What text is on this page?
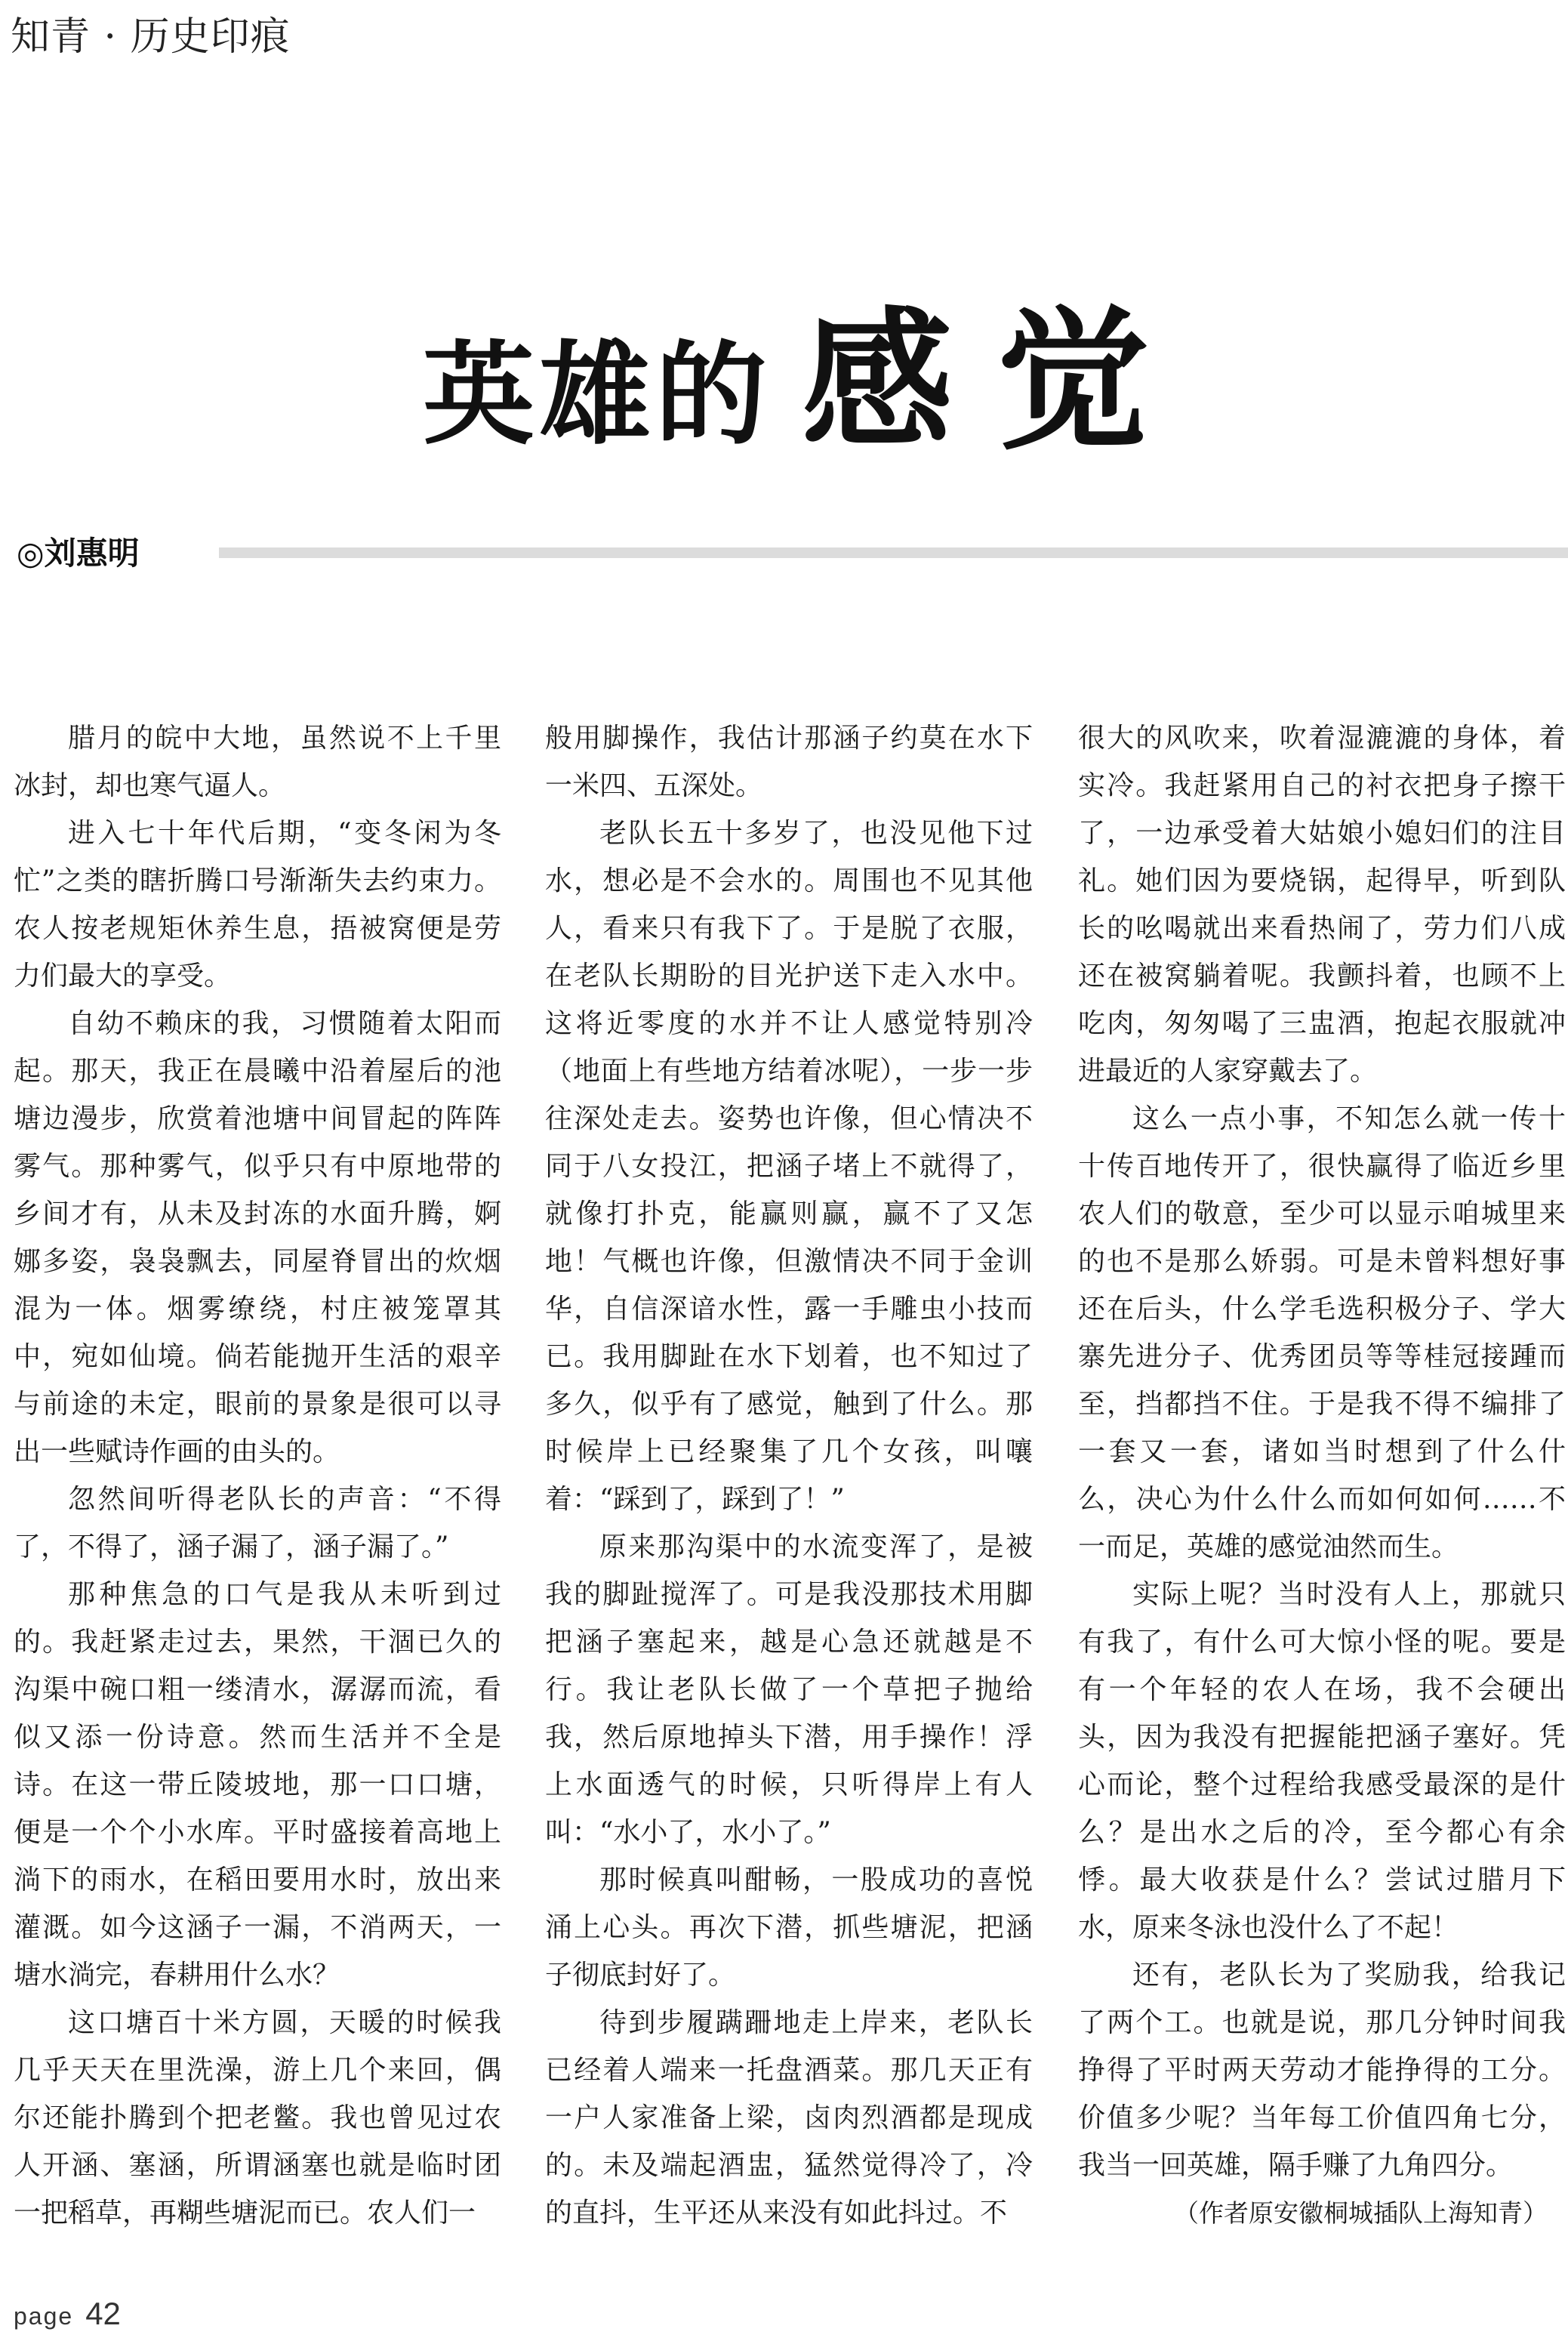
知青 · 历史印痕
英雄的 感觉
◎刘惠明

腊月的皖中大地，虽然说不上千里冰封，却也寒气逼人。

进入七十年代后期，“变冬闲为冬忙”之类的瞎折腾口号渐渐失去约束力。农人按老规矩休养生息，捂被窝便是劳力们最大的享受。

自幼不赖床的我，习惯随着太阳而起。那天，我正在晨曦中沿着屋后的池塘边漫步，欣赏着池塘中间冒起的阵阵雾气。那种雾气，似乎只有中原地带的乡间才有，从未及封冻的水面升腾，婀娜多姿，袅袅飘去，同屋脊冒出的炊烟混为一体。烟雾缭绕，村庄被笼罩其中，宛如仙境。倘若能抛开生活的艰辛与前途的未定，眼前的景象是很可以寻出一些赋诗作画的由头的。

忽然间听得老队长的声音：“不得了，不得了，涵子漏了，涵子漏了。”

那种焦急的口气是我从未听到过的。我赶紧走过去，果然，干涸已久的沟渠中碗口粗一缕清水，潺潺而流，看似又添一份诗意。然而生活并不全是诗。在这一带丘陵坡地，那一口口塘，便是一个个小水库。平时盛接着高地上淌下的雨水，在稻田要用水时，放出来灌溉。如今这涵子一漏，不消两天，一塘水淌完，春耕用什么水？

这口塘百十米方圆，天暖的时候我几乎天天在里洗澡，游上几个来回，偶尔还能扑腾到个把老鳖。我也曾见过农人开涵、塞涵，所谓涵塞也就是临时团一把稻草，再糊些塘泥而已。农人们一

般用脚操作，我估计那涵子约莫在水下一米四、五深处。

老队长五十多岁了，也没见他下过水，想必是不会水的。周围也不见其他人，看来只有我下了。于是脱了衣服，在老队长期盼的目光护送下走入水中。这将近零度的水并不让人感觉特别冷（地面上有些地方结着冰呢），一步一步往深处走去。姿势也许像，但心情决不同于八女投江，把涵子堵上不就得了，就像打扑克，能赢则赢，赢不了又怎地！气概也许像，但激情决不同于金训华，自信深谙水性，露一手雕虫小技而已。我用脚趾在水下划着，也不知过了多久，似乎有了感觉，触到了什么。那时候岸上已经聚集了几个女孩，叫嚷着：“踩到了，踩到了！”

原来那沟渠中的水流变浑了，是被我的脚趾搅浑了。可是我没那技术用脚把涵子塞起来，越是心急还就越是不行。我让老队长做了一个草把子抛给我，然后原地掉头下潜，用手操作！浮上水面透气的时候，只听得岸上有人叫：“水小了，水小了。”

那时候真叫酣畅，一股成功的喜悦涌上心头。再次下潜，抓些塘泥，把涵子彻底封好了。

待到步履蹒跚地走上岸来，老队长已经着人端来一托盘酒菜。那几天正有一户人家准备上梁，卤肉烈酒都是现成的。未及端起酒盅，猛然觉得冷了，冷的直抖，生平还从来没有如此抖过。不

很大的风吹来，吹着湿漉漉的身体，着实冷。我赶紧用自己的衬衣把身子擦干了，一边承受着大姑娘小媳妇们的注目礼。她们因为要烧锅，起得早，听到队长的吆喝就出来看热闹了，劳力们八成还在被窝躺着呢。我颤抖着，也顾不上吃肉，匆匆喝了三盅酒，抱起衣服就冲进最近的人家穿戴去了。

这么一点小事，不知怎么就一传十十传百地传开了，很快赢得了临近乡里农人们的敬意，至少可以显示咱城里来的也不是那么娇弱。可是未曾料想好事还在后头，什么学毛选积极分子、学大寨先进分子、优秀团员等等桂冠接踵而至，挡都挡不住。于是我不得不编排了一套又一套，诸如当时想到了什么什么，决心为什么什么而如何如何……不一而足，英雄的感觉油然而生。

实际上呢？当时没有人上，那就只有我了，有什么可大惊小怪的呢。要是有一个年轻的农人在场，我不会硬出头，因为我没有把握能把涵子塞好。凭心而论，整个过程给我感受最深的是什么？是出水之后的冷，至今都心有余悸。最大收获是什么？尝试过腊月下水，原来冬泳也没什么了不起！

还有，老队长为了奖励我，给我记了两个工。也就是说，那几分钟时间我挣得了平时两天劳动才能挣得的工分。价值多少呢？当年每工价值四角七分，我当一回英雄，隔手赚了九角四分。

（作者原安徽桐城插队上海知青）

page 42
